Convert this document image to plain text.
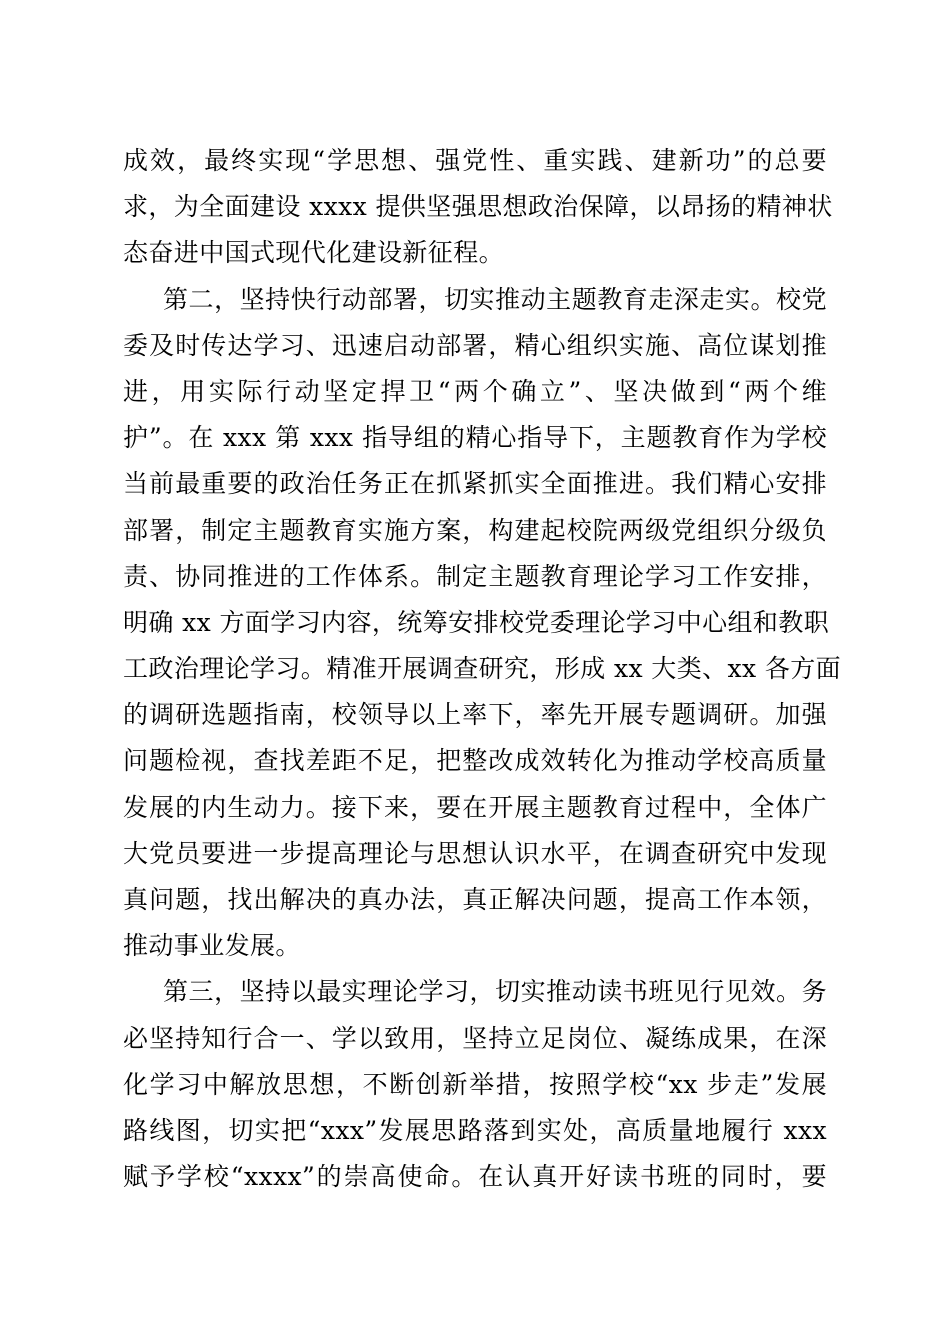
成效，最终实现“学思想、强党性、重实践、建新功”的总要
求，为全面建设 xxxx 提供坚强思想政治保障，以昂扬的精神状
态奋进中国式现代化建设新征程。
第二，坚持快行动部署，切实推动主题教育走深走实。校党
委及时传达学习、迅速启动部署，精心组织实施、高位谋划推
进，用实际行动坚定捍卫“两个确立”、坚决做到“两个维
护”。在 xxx 第 xxx 指导组的精心指导下，主题教育作为学校
当前最重要的政治任务正在抓紧抓实全面推进。我们精心安排
部署，制定主题教育实施方案，构建起校院两级党组织分级负
责、协同推进的工作体系。制定主题教育理论学习工作安排，
明确 xx 方面学习内容，统筹安排校党委理论学习中心组和教职
工政治理论学习。精准开展调查研究，形成 xx 大类、xx 各方面
的调研选题指南，校领导以上率下，率先开展专题调研。加强
问题检视，查找差距不足，把整改成效转化为推动学校高质量
发展的内生动力。接下来，要在开展主题教育过程中，全体广
大党员要进一步提高理论与思想认识水平，在调查研究中发现
真问题，找出解决的真办法，真正解决问题，提高工作本领，
推动事业发展。
第三，坚持以最实理论学习，切实推动读书班见行见效。务
必坚持知行合一、学以致用，坚持立足岗位、凝练成果，在深
化学习中解放思想，不断创新举措，按照学校“xx 步走”发展
路线图，切实把“xxx”发展思路落到实处，高质量地履行 xxx
赋予学校“xxxx”的崇高使命。在认真开好读书班的同时，要
